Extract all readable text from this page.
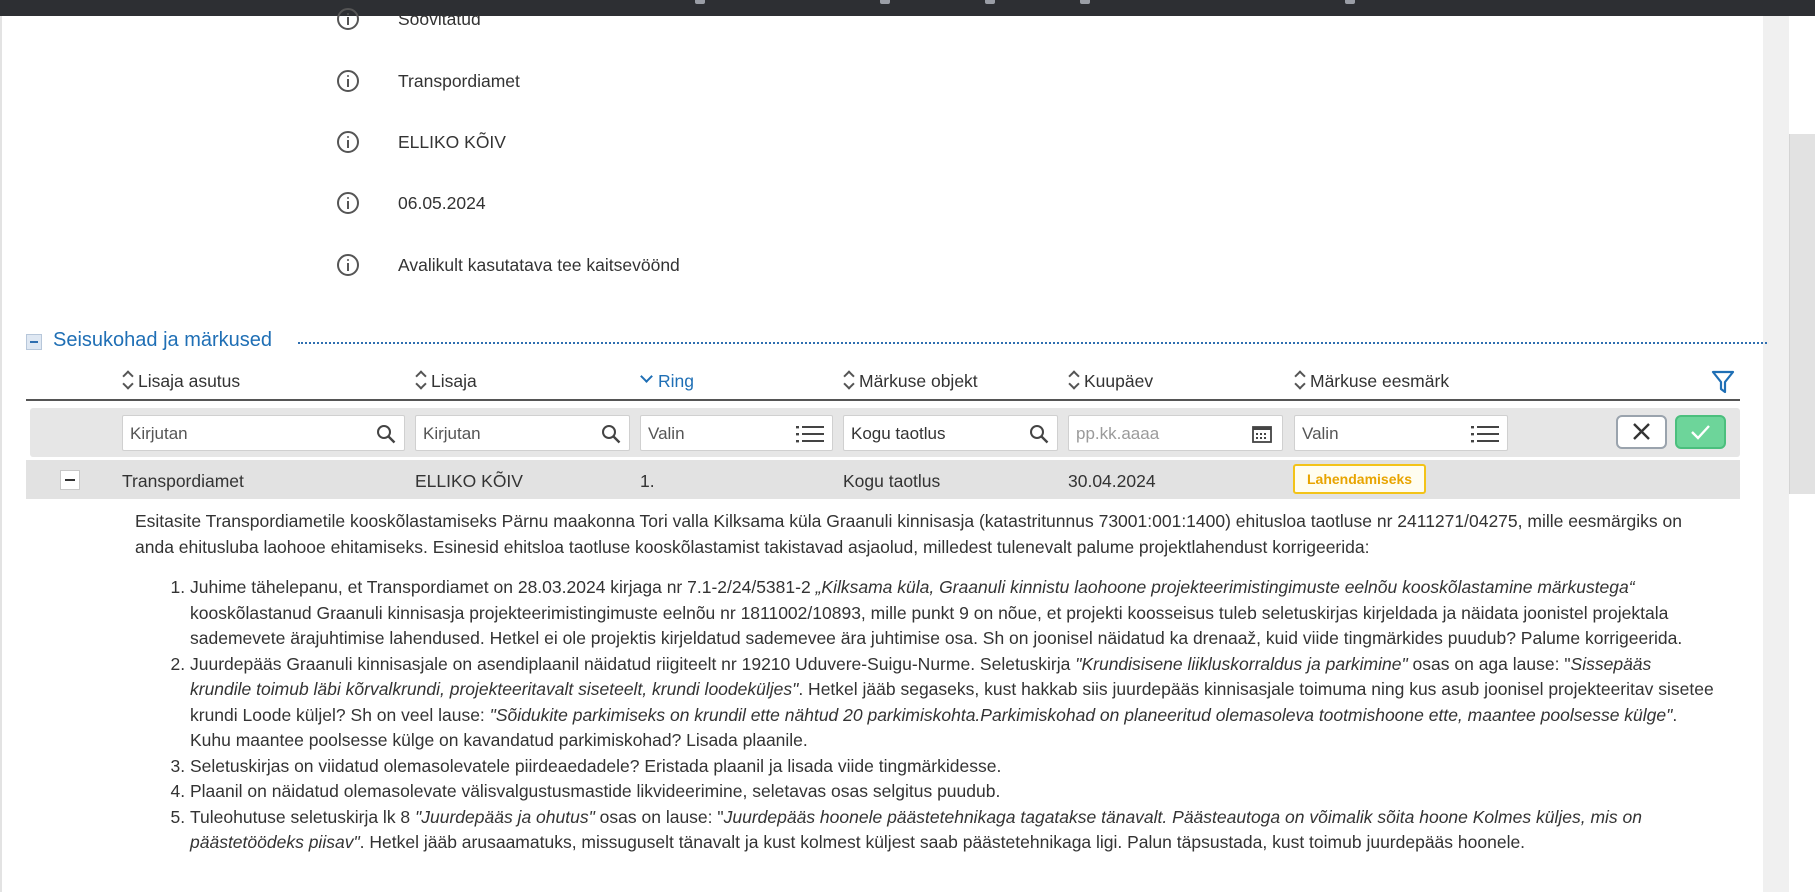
Soovitatud
Transpordiamet
ELLIKO KÕIV
06.05.2024
Avalikult kasutatava tee kaitsevöönd
Seisukohad ja märkused
Lisaja asutus	Lisaja	Ring	Märkuse objekt	Kuupäev	Märkuse eesmärk
Kirjutan	Kirjutan	Valin	Kogu taotlus	pp.kk.aaaa	Valin
Transpordiamet	ELLIKO KÕIV	1.	Kogu taotlus	30.04.2024	Lahendamiseks

Esitasite Transpordiametile kooskõlastamiseks Pärnu maakonna Tori valla Kilksama küla Graanuli kinnisasja (katastritunnus 73001:001:1400) ehitusloa taotluse nr 2411271/04275, mille eesmärgiks on anda ehitusluba laohooe ehitamiseks. Esinesid ehitsloa taotluse kooskõlastamist takistavad asjaolud, milledest tulenevalt palume projektlahendust korrigeerida:

1. Juhime tähelepanu, et Transpordiamet on 28.03.2024 kirjaga nr 7.1-2/24/5381-2 „Kilksama küla, Graanuli kinnistu laohoone projekteerimistingimuste eelnõu kooskõlastamine märkustega“ kooskõlastanud Graanuli kinnisasja projekteerimistingimuste eelnõu nr 1811002/10893, mille punkt 9 on nõue, et projekti koosseisus tuleb seletuskirjas kirjeldada ja näidata joonistel projektala sademevete ärajuhtimise lahendused. Hetkel ei ole projektis kirjeldatud sademevee ära juhtimise osa. Sh on joonisel näidatud ka drenaaž, kuid viide tingmärkides puudub? Palume korrigeerida.
2. Juurdepääs Graanuli kinnisasjale on asendiplaanil näidatud riigiteelt nr 19210 Uduvere-Suigu-Nurme. Seletuskirja "Krundisisene liikluskorraldus ja parkimine" osas on aga lause: "Sissepääs krundile toimub läbi kõrvalkrundi, projekteeritavalt siseteelt, krundi loodeküljes". Hetkel jääb segaseks, kust hakkab siis juurdepääs kinnisasjale toimuma ning kus asub joonisel projekteeritav sisetee krundi Loode küljel? Sh on veel lause: "Sõidukite parkimiseks on krundil ette nähtud 20 parkimiskohta.Parkimiskohad on planeeritud olemasoleva tootmishoone ette, maantee poolsesse külge". Kuhu maantee poolsesse külge on kavandatud parkimiskohad? Lisada plaanile.
3. Seletuskirjas on viidatud olemasolevatele piirdeaedadele? Eristada plaanil ja lisada viide tingmärkidesse.
4. Plaanil on näidatud olemasolevate välisvalgustusmastide likvideerimine, seletavas osas selgitus puudub.
5. Tuleohutuse seletuskirja lk 8 "Juurdepääs ja ohutus" osas on lause: "Juurdepääs hoonele päästetehnikaga tagatakse tänavalt. Päästeautoga on võimalik sõita hoone Kolmes küljes, mis on päästetöödeks piisav". Hetkel jääb arusaamatuks, missuguselt tänavalt ja kust kolmest küljest saab päästetehnikaga ligi. Palun täpsustada, kust toimub juurdepääs hoonele.
